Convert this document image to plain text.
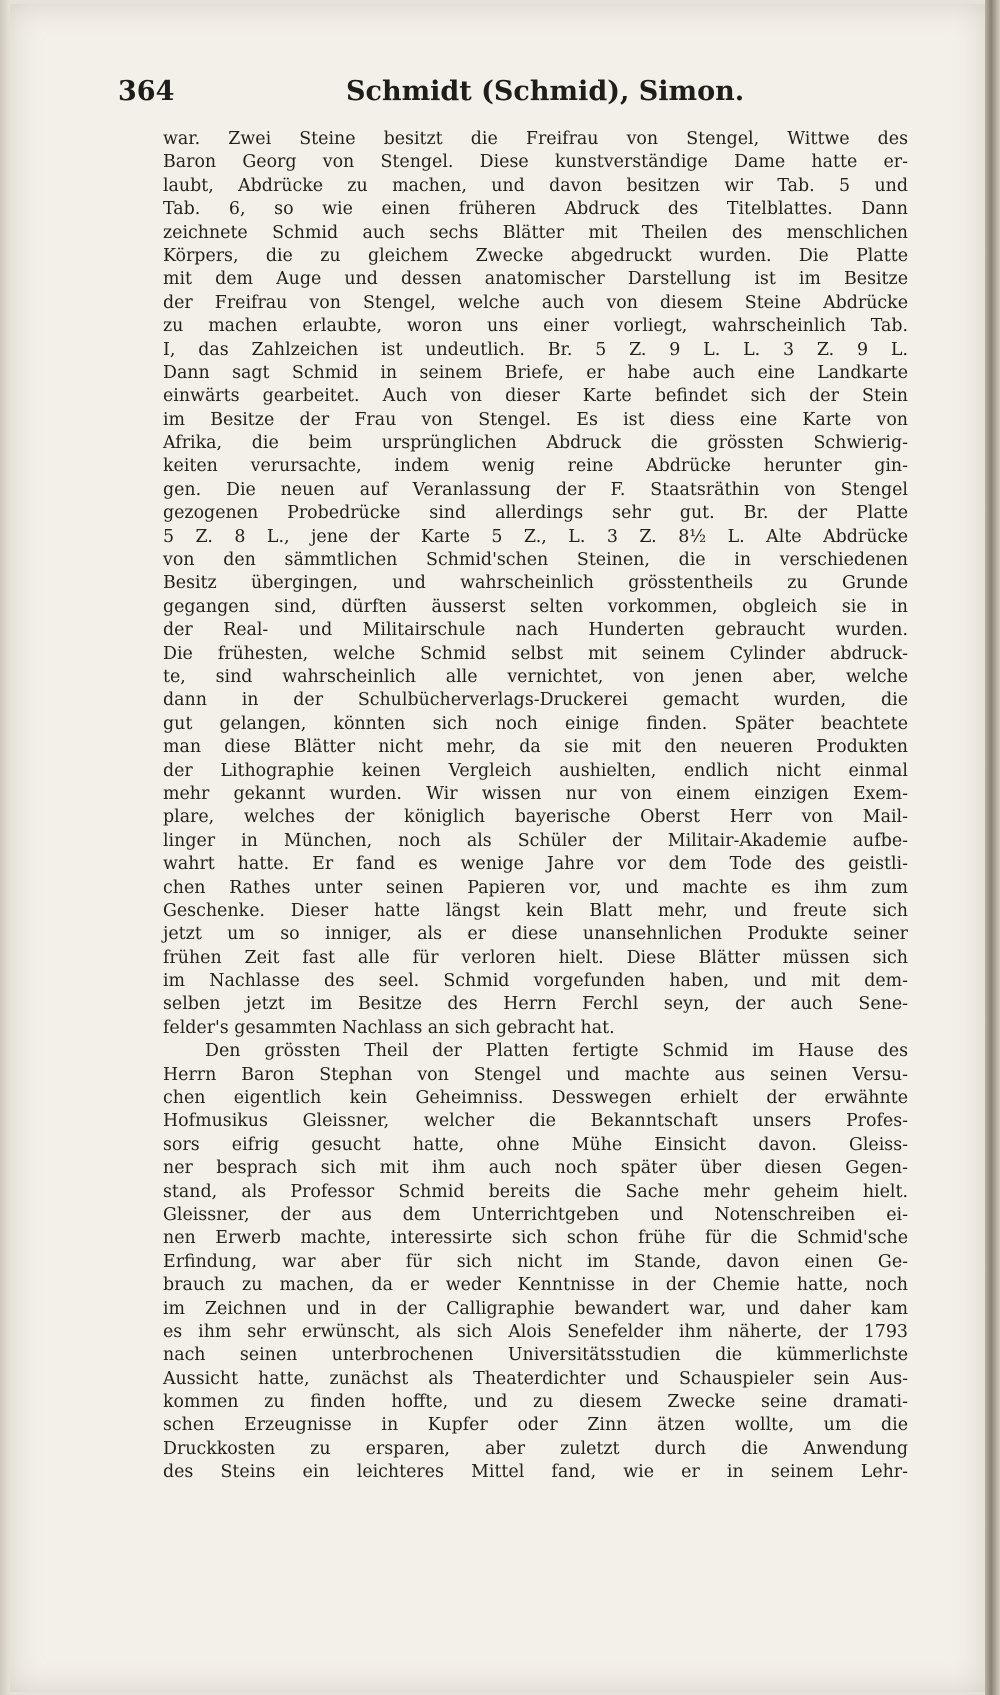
364	Schmidt (Schmid), Simon.
war. Zwei Steine besitzt die Freifrau von Stengel, Wittwe des
Baron Georg von Stengel. Diese kunstverständige Dame hatte er-
laubt, Abdrücke zu machen, und davon besitzen wir Tab. 5 und
Tab. 6, so wie einen früheren Abdruck des Titelblattes. Dann
zeichnete Schmid auch sechs Blätter mit Theilen des menschlichen
Körpers, die zu gleichem Zwecke abgedruckt wurden. Die Platte
mit dem Auge und dessen anatomischer Darstellung ist im Besitze
der Freifrau von Stengel, welche auch von diesem Steine Abdrücke
zu machen erlaubte, woron uns einer vorliegt, wahrscheinlich Tab.
I, das Zahlzeichen ist undeutlich. Br. 5 Z. 9 L. L. 3 Z. 9 L.
Dann sagt Schmid in seinem Briefe, er habe auch eine Landkarte
einwärts gearbeitet. Auch von dieser Karte befindet sich der Stein
im Besitze der Frau von Stengel. Es ist diess eine Karte von
Afrika, die beim ursprünglichen Abdruck die grössten Schwierig-
keiten verursachte, indem wenig reine Abdrücke herunter gin-
gen. Die neuen auf Veranlassung der F. Staatsräthin von Stengel
gezogenen Probedrücke sind allerdings sehr gut. Br. der Platte
5 Z. 8 L., jene der Karte 5 Z., L. 3 Z. 8½ L. Alte Abdrücke
von den sämmtlichen Schmid'schen Steinen, die in verschiedenen
Besitz übergingen, und wahrscheinlich grösstentheils zu Grunde
gegangen sind, dürften äusserst selten vorkommen, obgleich sie in
der Real- und Militairschule nach Hunderten gebraucht wurden.
Die frühesten, welche Schmid selbst mit seinem Cylinder abdruck-
te, sind wahrscheinlich alle vernichtet, von jenen aber, welche
dann in der Schulbücherverlags-Druckerei gemacht wurden, die
gut gelangen, könnten sich noch einige finden. Später beachtete
man diese Blätter nicht mehr, da sie mit den neueren Produkten
der Lithographie keinen Vergleich aushielten, endlich nicht einmal
mehr gekannt wurden. Wir wissen nur von einem einzigen Exem-
plare, welches der königlich bayerische Oberst Herr von Mail-
linger in München, noch als Schüler der Militair-Akademie aufbe-
wahrt hatte. Er fand es wenige Jahre vor dem Tode des geistli-
chen Rathes unter seinen Papieren vor, und machte es ihm zum
Geschenke. Dieser hatte längst kein Blatt mehr, und freute sich
jetzt um so inniger, als er diese unansehnlichen Produkte seiner
frühen Zeit fast alle für verloren hielt. Diese Blätter müssen sich
im Nachlasse des seel. Schmid vorgefunden haben, und mit dem-
selben jetzt im Besitze des Herrn Ferchl seyn, der auch Sene-
felder's gesammten Nachlass an sich gebracht hat.
Den grössten Theil der Platten fertigte Schmid im Hause des
Herrn Baron Stephan von Stengel und machte aus seinen Versu-
chen eigentlich kein Geheimniss. Desswegen erhielt der erwähnte
Hofmusikus Gleissner, welcher die Bekanntschaft unsers Profes-
sors eifrig gesucht hatte, ohne Mühe Einsicht davon. Gleiss-
ner besprach sich mit ihm auch noch später über diesen Gegen-
stand, als Professor Schmid bereits die Sache mehr geheim hielt.
Gleissner, der aus dem Unterrichtgeben und Notenschreiben ei-
nen Erwerb machte, interessirte sich schon frühe für die Schmid'sche
Erfindung, war aber für sich nicht im Stande, davon einen Ge-
brauch zu machen, da er weder Kenntnisse in der Chemie hatte, noch
im Zeichnen und in der Calligraphie bewandert war, und daher kam
es ihm sehr erwünscht, als sich Alois Senefelder ihm näherte, der 1793
nach seinen unterbrochenen Universitätsstudien die kümmerlichste
Aussicht hatte, zunächst als Theaterdichter und Schauspieler sein Aus-
kommen zu finden hoffte, und zu diesem Zwecke seine dramati-
schen Erzeugnisse in Kupfer oder Zinn ätzen wollte, um die
Druckkosten zu ersparen, aber zuletzt durch die Anwendung
des Steins ein leichteres Mittel fand, wie er in seinem Lehr-
